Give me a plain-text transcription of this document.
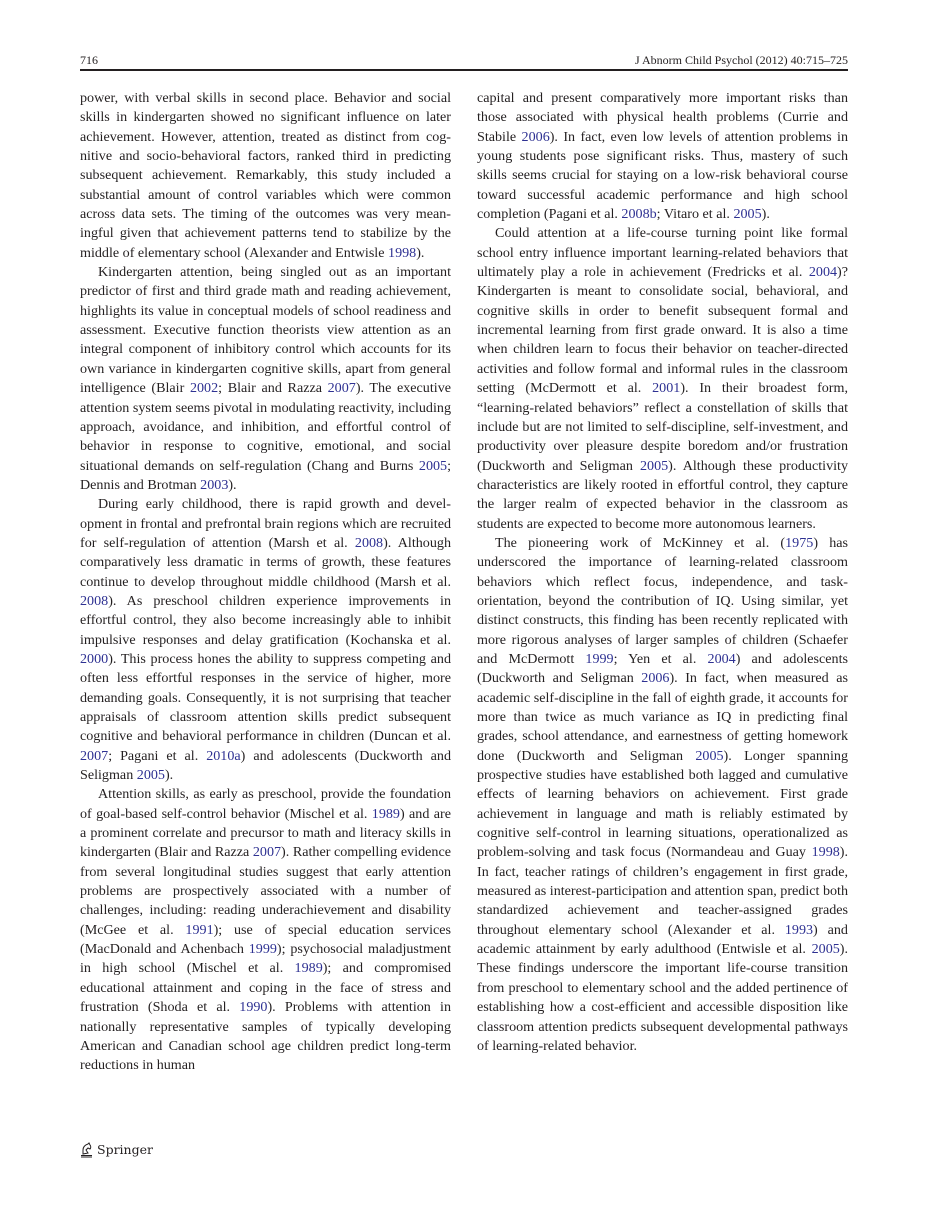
716	J Abnorm Child Psychol (2012) 40:715–725

power, with verbal skills in second place. Behavior and social skills in kindergarten showed no significant influence on later achievement. However, attention, treated as distinct from cognitive and socio-behavioral factors, ranked third in predicting subsequent achievement. Remarkably, this study included a substantial amount of control variables which were common across data sets. The timing of the outcomes was very meaningful given that achievement patterns tend to stabilize by the middle of elementary school (Alexander and Entwisle 1998).

Kindergarten attention, being singled out as an important predictor of first and third grade math and reading achievement, highlights its value in conceptual models of school readiness and assessment. Executive function theorists view attention as an integral component of inhibitory control which accounts for its own variance in kindergarten cognitive skills, apart from general intelligence (Blair 2002; Blair and Razza 2007). The executive attention system seems pivotal in modulating reactivity, including approach, avoidance, and inhibition, and effortful control of behavior in response to cognitive, emotional, and social situational demands on self-regulation (Chang and Burns 2005; Dennis and Brotman 2003).

During early childhood, there is rapid growth and development in frontal and prefrontal brain regions which are recruited for self-regulation of attention (Marsh et al. 2008). Although comparatively less dramatic in terms of growth, these features continue to develop throughout middle childhood (Marsh et al. 2008). As preschool children experience improvements in effortful control, they also become increasingly able to inhibit impulsive responses and delay gratification (Kochanska et al. 2000). This process hones the ability to suppress competing and often less effortful responses in the service of higher, more demanding goals. Consequently, it is not surprising that teacher appraisals of classroom attention skills predict subsequent cognitive and behavioral performance in children (Duncan et al. 2007; Pagani et al. 2010a) and adolescents (Duckworth and Seligman 2005).

Attention skills, as early as preschool, provide the foundation of goal-based self-control behavior (Mischel et al. 1989) and are a prominent correlate and precursor to math and literacy skills in kindergarten (Blair and Razza 2007). Rather compelling evidence from several longitudinal studies suggest that early attention problems are prospectively associated with a number of challenges, including: reading underachievement and disability (McGee et al. 1991); use of special education services (MacDonald and Achenbach 1999); psychosocial maladjustment in high school (Mischel et al. 1989); and compromised educational attainment and coping in the face of stress and frustration (Shoda et al. 1990). Problems with attention in nationally representative samples of typically developing American and Canadian school age children predict long-term reductions in human

capital and present comparatively more important risks than those associated with physical health problems (Currie and Stabile 2006). In fact, even low levels of attention problems in young students pose significant risks. Thus, mastery of such skills seems crucial for staying on a low-risk behavioral course toward successful academic performance and high school completion (Pagani et al. 2008b; Vitaro et al. 2005).

Could attention at a life-course turning point like formal school entry influence important learning-related behaviors that ultimately play a role in achievement (Fredricks et al. 2004)? Kindergarten is meant to consolidate social, behavioral, and cognitive skills in order to benefit subsequent formal and incremental learning from first grade onward. It is also a time when children learn to focus their behavior on teacher-directed activities and follow formal and informal rules in the classroom setting (McDermott et al. 2001). In their broadest form, “learning-related behaviors” reflect a constellation of skills that include but are not limited to self-discipline, self-investment, and productivity over pleasure despite boredom and/or frustration (Duckworth and Seligman 2005). Although these productivity characteristics are likely rooted in effortful control, they capture the larger realm of expected behavior in the classroom as students are expected to become more autonomous learners.

The pioneering work of McKinney et al. (1975) has underscored the importance of learning-related classroom behaviors which reflect focus, independence, and task-orientation, beyond the contribution of IQ. Using similar, yet distinct constructs, this finding has been recently replicated with more rigorous analyses of larger samples of children (Schaefer and McDermott 1999; Yen et al. 2004) and adolescents (Duckworth and Seligman 2006). In fact, when measured as academic self-discipline in the fall of eighth grade, it accounts for more than twice as much variance as IQ in predicting final grades, school attendance, and earnestness of getting homework done (Duckworth and Seligman 2005). Longer spanning prospective studies have established both lagged and cumulative effects of learning behaviors on achievement. First grade achievement in language and math is reliably estimated by cognitive self-control in learning situations, operationalized as problem-solving and task focus (Normandeau and Guay 1998). In fact, teacher ratings of children’s engagement in first grade, measured as interest-participation and attention span, predict both standardized achievement and teacher-assigned grades throughout elementary school (Alexander et al. 1993) and academic attainment by early adulthood (Entwisle et al. 2005). These findings underscore the important life-course transition from preschool to elementary school and the added pertinence of establishing how a cost-efficient and accessible disposition like classroom attention predicts subsequent developmental pathways of learning-related behavior.

Springer
